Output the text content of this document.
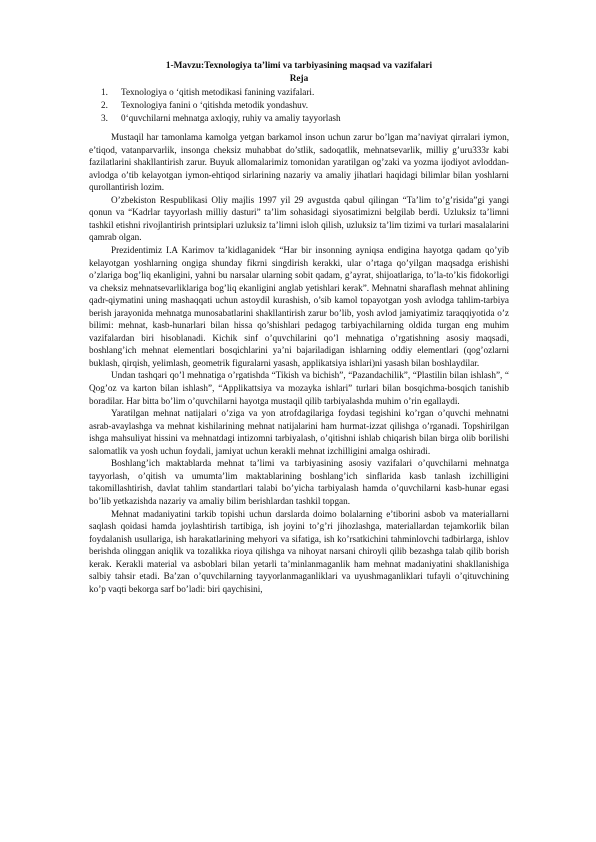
1-Mavzu:Texnologiya ta’limi va tarbiyasining maqsad va vazifalari

Reja

1. Texnologiya o ‘qitish metodikasi fanining vazifalari.
2. Texnologiya fanini o ‘qitishda metodik yondashuv.
3. 0‘quvchilarni mehnatga axloqiy, ruhiy va amaliy tayyorlash

Mustaqil har tamonlama kamolga yetgan barkamol inson uchun zarur bo’lgan ma’naviyat qirralari iymon, e’tiqod, vatanparvarlik, insonga cheksiz muhabbat do’stlik, sadoqatlik, mehnatsevarlik, milliy g’uru333r kabi fazilatlarini shakllantirish zarur. Buyuk allomalarimiz tomonidan yaratilgan og’zaki va yozma ijodiyot avloddan-avlodga o’tib kelayotgan iymon-ehtiqod sirlarining nazariy va amaliy jihatlari haqidagi bilimlar bilan yoshlarni qurollantirish lozim.

O’zbekiston Respublikasi Oliy majlis 1997 yil 29 avgustda qabul qilingan “Ta’lim to’g’risida”gi yangi qonun va “Kadrlar tayyorlash milliy dasturi” ta’lim sohasidagi siyosatimizni belgilab berdi. Uzluksiz ta’limni tashkil etishni rivojlantirish printsiplari uzluksiz ta’limni isloh qilish, uzluksiz ta’lim tizimi va turlari masalalarini qamrab olgan.

Prezidentimiz I.A Karimov ta’kidlaganidek “Har bir insonning ayniqsa endigina hayotga qadam qo’yib kelayotgan yoshlarning ongiga shunday fikrni singdirish kerakki, ular o’rtaga qo’yilgan maqsadga erishishi o’zlariga bog’liq ekanligini, yahni bu narsalar ularning sobit qadam, g’ayrat, shijoatlariga, to’la-to’kis fidokorligi va cheksiz mehnatsevarliklariga bog’liq ekanligini anglab yetishlari kerak”. Mehnatni sharaflash mehnat ahlining qadr-qiymatini uning mashaqqati uchun astoydil kurashish, o’sib kamol topayotgan yosh avlodga tahlim-tarbiya berish jarayonida mehnatga munosabatlarini shakllantirish zarur bo’lib, yosh avlod jamiyatimiz taraqqiyotida o’z bilimi: mehnat, kasb-hunarlari bilan hissa qo’shishlari pedagog tarbiyachilarning oldida turgan eng muhim vazifalardan biri hisoblanadi. Kichik sinf o’quvchilarini qo’l mehnatiga o’rgatishning asosiy maqsadi, boshlang’ich mehnat elementlari bosqichlarini ya’ni bajariladigan ishlarning oddiy elementlari (qog’ozlarni buklash, qirqish, yelimlash, geometrik figuralarni yasash, applikatsiya ishlari)ni yasash bilan boshlaydilar.

Undan tashqari qo’l mehnatiga o’rgatishda “Tikish va bichish”, “Pazandachilik”, “Plastilin bilan ishlash”, “ Qog’oz va karton bilan ishlash”, “Applikattsiya va mozayka ishlari” turlari bilan bosqichma-bosqich tanishib boradilar. Har bitta bo’lim o’quvchilarni hayotga mustaqil qilib tarbiyalashda muhim o’rin egallaydi.

Yaratilgan mehnat natijalari o’ziga va yon atrofdagilariga foydasi tegishini ko’rgan o’quvchi mehnatni asrab-avaylashga va mehnat kishilarining mehnat natijalarini ham hurmat-izzat qilishga o’rganadi. Topshirilgan ishga mahsuliyat hissini va mehnatdagi intizomni tarbiyalash, o’qitishni ishlab chiqarish bilan birga olib borilishi salomatlik va yosh uchun foydali, jamiyat uchun kerakli mehnat izchilligini amalga oshiradi.

Boshlang’ich maktablarda mehnat ta’limi va tarbiyasining asosiy vazifalari o’quvchilarni mehnatga tayyorlash, o’qitish va umumta’lim maktablarining boshlang’ich sinflarida kasb tanlash izchilligini takomillashtirish, davlat tahlim standartlari talabi bo’yicha tarbiyalash hamda o’quvchilarni kasb-hunar egasi bo’lib yetkazishda nazariy va amaliy bilim berishlardan tashkil topgan.

Mehnat madaniyatini tarkib topishi uchun darslarda doimo bolalarning e’tiborini asbob va materiallarni saqlash qoidasi hamda joylashtirish tartibiga, ish joyini to’g’ri jihozlashga, materiallardan tejamkorlik bilan foydalanish usullariga, ish harakatlarining mehyori va sifatiga, ish ko’rsatkichini tahminlovchi tadbirlarga, ishlov berishda olinggan aniqlik va tozalikka rioya qilishga va nihoyat narsani chiroyli qilib bezashga talab qilib borish kerak. Kerakli material va asboblari bilan yetarli ta’minlanmaganlik ham mehnat madaniyatini shakllanishiga salbiy tahsir etadi. Ba’zan o’quvchilarning tayyorlanmaganliklari va uyushmaganliklari tufayli o’qituvchining ko’p vaqti bekorga sarf bo’ladi: biri qaychisini,
